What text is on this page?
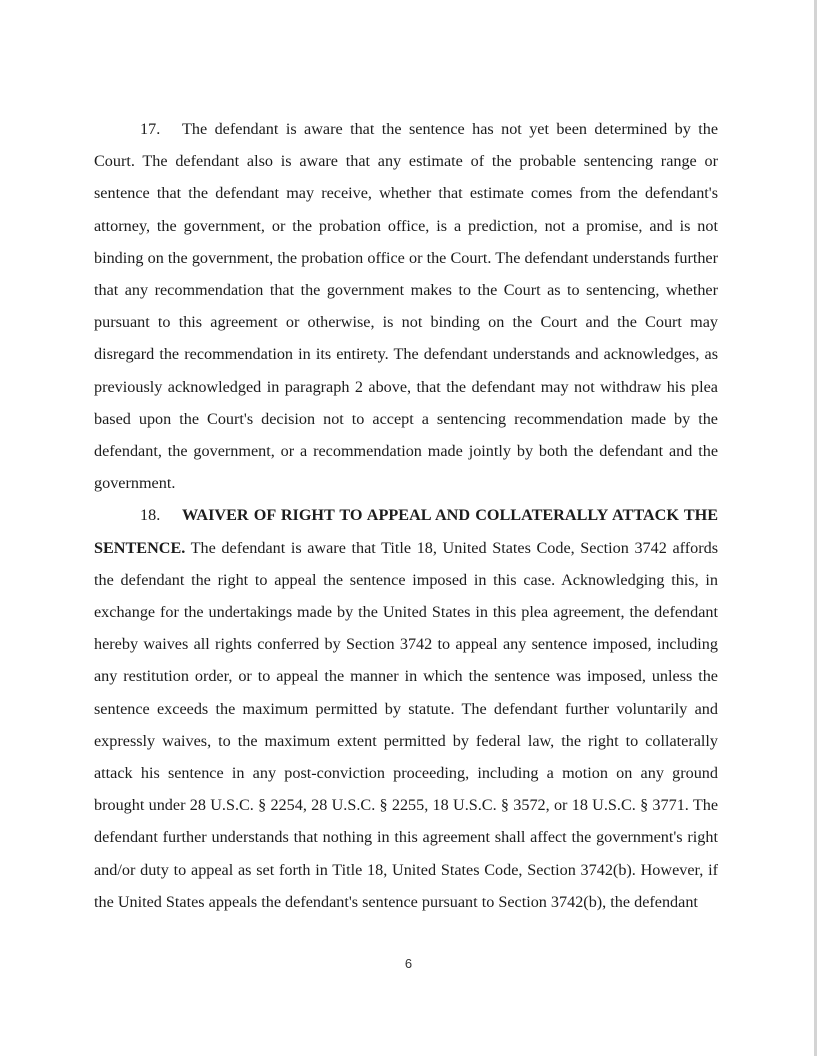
17. The defendant is aware that the sentence has not yet been determined by the Court. The defendant also is aware that any estimate of the probable sentencing range or sentence that the defendant may receive, whether that estimate comes from the defendant's attorney, the government, or the probation office, is a prediction, not a promise, and is not binding on the government, the probation office or the Court. The defendant understands further that any recommendation that the government makes to the Court as to sentencing, whether pursuant to this agreement or otherwise, is not binding on the Court and the Court may disregard the recommendation in its entirety. The defendant understands and acknowledges, as previously acknowledged in paragraph 2 above, that the defendant may not withdraw his plea based upon the Court's decision not to accept a sentencing recommendation made by the defendant, the government, or a recommendation made jointly by both the defendant and the government.

18. WAIVER OF RIGHT TO APPEAL AND COLLATERALLY ATTACK THE SENTENCE. The defendant is aware that Title 18, United States Code, Section 3742 affords the defendant the right to appeal the sentence imposed in this case. Acknowledging this, in exchange for the undertakings made by the United States in this plea agreement, the defendant hereby waives all rights conferred by Section 3742 to appeal any sentence imposed, including any restitution order, or to appeal the manner in which the sentence was imposed, unless the sentence exceeds the maximum permitted by statute. The defendant further voluntarily and expressly waives, to the maximum extent permitted by federal law, the right to collaterally attack his sentence in any post-conviction proceeding, including a motion on any ground brought under 28 U.S.C. § 2254, 28 U.S.C. § 2255, 18 U.S.C. § 3572, or 18 U.S.C. § 3771. The defendant further understands that nothing in this agreement shall affect the government's right and/or duty to appeal as set forth in Title 18, United States Code, Section 3742(b). However, if the United States appeals the defendant's sentence pursuant to Section 3742(b), the defendant

6
